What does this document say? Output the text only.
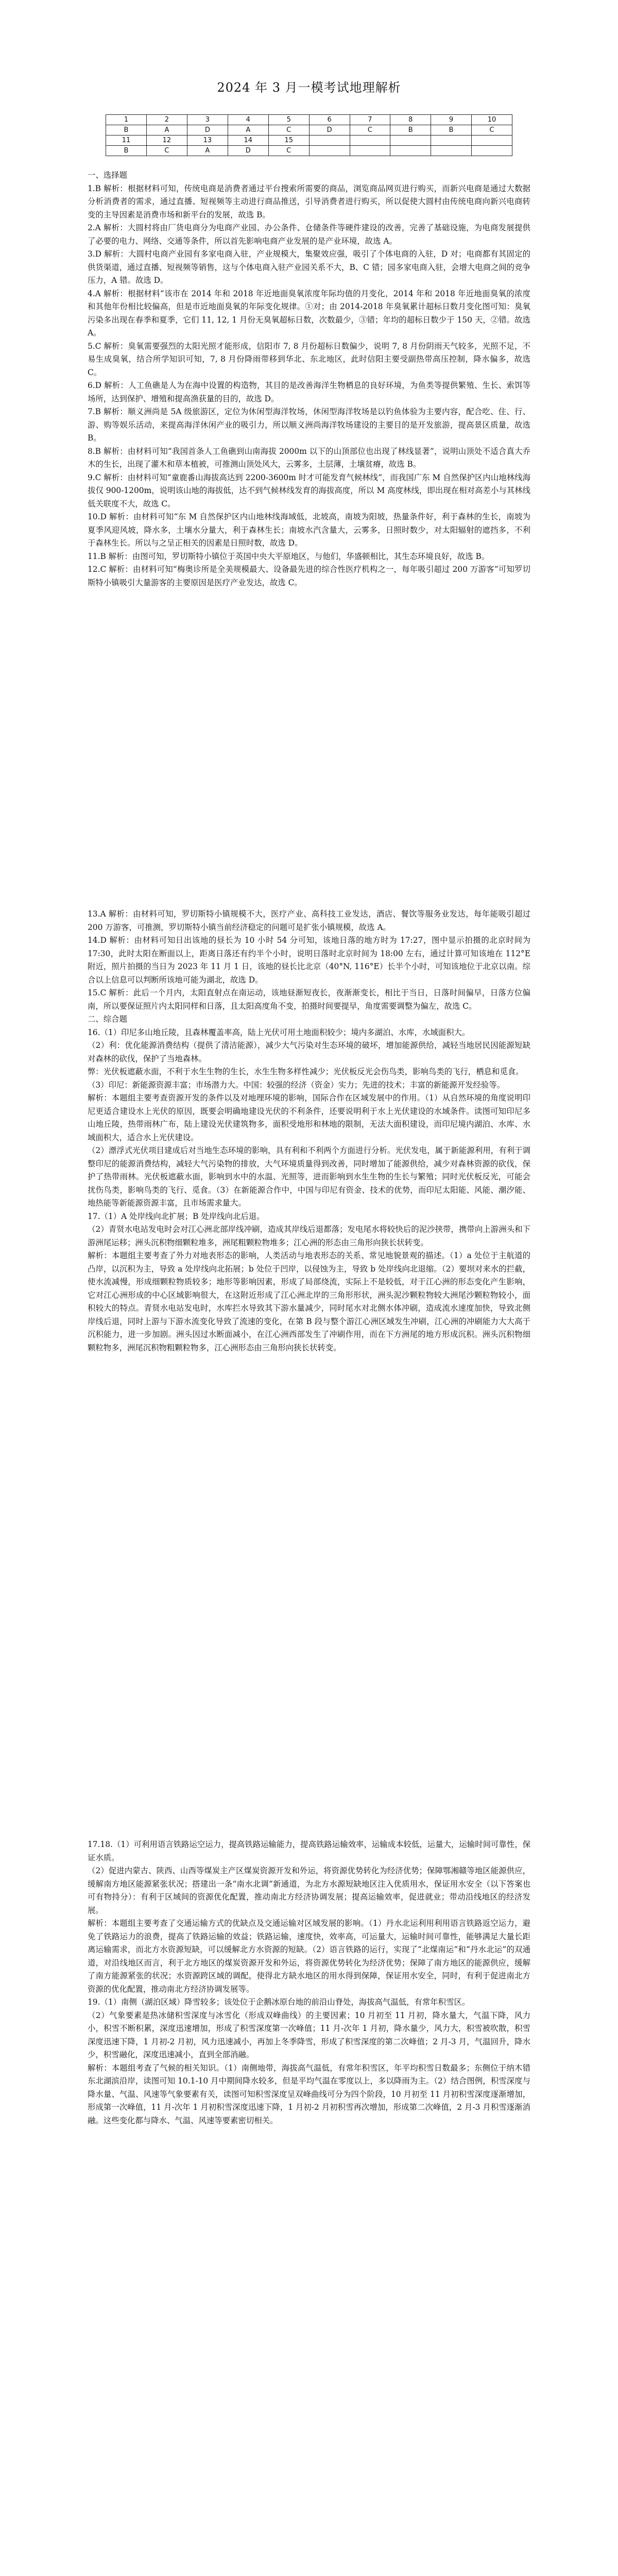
2024 年 3 月一模考试地理解析
1	2	3	4	5	6	7	8	9	10
B	A	D	A	C	D	C	B	B	C
11	12	13	14	15					
B	C	A	D	C					

一、选择题

1.B 解析：根据材料可知，传统电商是消费者通过平台搜索所需要的商品，浏览商品网页进行购买，而新兴电商是通过大数据分析消费者的需求，通过直播、短视频等主动进行商品推送，引导消费者进行购买，所以促使大圆村由传统电商向新兴电商转变的主导因素是消费市场和新平台的发展，故选 B。

2.A 解析：大圆村将由厂货电商分为电商产业园、办公条件、仓储条件等硬件建设的改善，完善了基础设施，为电商发展提供了必要的电力、网络、交通等条件，所以首先影响电商产业发展的是产业环境，故选 A。

3.D 解析：大圆村电商产业园有多家电商入驻，产业规模大，集聚效应强，吸引了个体电商的入驻，D 对；电商都有其固定的供货渠道，通过直播、短视频等销售，这与个体电商入驻产业园关系不大，B、C 错；园多家电商入驻，会增大电商之间的竞争压力，A 错。故选 D。

4.A 解析：根据材料“该市在 2014 年和 2018 年近地面臭氧浓度年际均值的月变化，2014 年和 2018 年近地面臭氧的浓度和其他年份相比较偏高，但是市近地面臭氧的年际变化规律。①对；由 2014-2018 年臭氧累计超标日数月变化图可知：臭氧污染多出现在春季和夏季，它们 11, 12, 1 月份无臭氧超标日数，次数最少，③错；年均的超标日数少于 150 天，②错。故选 A。

5.C 解析：臭氧需要强烈的太阳光照才能形成，信阳市 7, 8 月份超标日数偏少，说明 7, 8 月份阴雨天气较多，光照不足，不易生成臭氧，结合所学知识可知，7, 8 月份降雨带移到华北、东北地区，此时信阳主要受副热带高压控制，降水偏多，故选 C。

6.D 解析：人工鱼礁是人为在海中设置的构造物，其目的是改善海洋生物栖息的良好环境，为鱼类等提供繁殖、生长、索饵等场所，达到保护、增殖和提高渔获量的目的，故选 D。

7.B 解析：顺义洲尚是 5A 级旅游区，定位为休闲型海洋牧场，休闲型海洋牧场是以钓鱼体验为主要内容，配合吃、住、行、游、购等娱乐活动，来提高海洋休闲产业的吸引力，所以顺义洲尚海洋牧场建设的主要目的是开发旅游，提高景区质量，故选 B。

8.B 解析：由材料可知“我国首条人工鱼礁到山南海拔 2000m 以下的山顶部位也出现了林线显著”，说明山顶处不适合真大乔木的生长，出现了灌木和草本植被，可推测山顶处风大，云雾多，土层薄，土壤贫瘠，故选 B。

9.C 解析：由材料可知“童鹿番山海拔高达到 2200-3600m 时才可能发育气候林线”，而我国广东 M 自然保护区内山地林线海拔仅 900-1200m，说明该山地的海拔低，达不到气候林线发育的海拔高度，所以 M 高度林线，即出现在相对高差小与其林线低关联度不大，故选 C。

10.D 解析：由材料可知“东 M 自然保护区内山地林线海域低，北坡高，南坡为阳坡，热量条件好，利于森林的生长，南坡为夏季风迎风坡，降水多，土壤水分量大，利于森林生长；南坡水汽含量大，云雾多，日照时数少，对太阳辐射的遮挡多，不利于森林生长。所以与之呈正相关的因素是日照时数，故选 D。

11.B 解析：由图可知，罗切斯特小镇位于英国中央大平原地区，与他们，华盛顿相比，其生态环境良好，故选 B。

12.C 解析：由材料可知“梅奥诊所是全美规模最大、设备最先进的综合性医疗机构之一，每年吸引超过 200 万游客”可知罗切斯特小镇吸引大量游客的主要原因是医疗产业发达，故选 C。

13.A 解析：由材料可知，罗切斯特小镇规模不大，医疗产业、高科技工业发达，酒店、餐饮等服务业发达，每年能吸引超过 200 万游客，可推测，罗切斯特小镇当前经济稳定的问题可是扩张小镇规模，故选 A。

14.D 解析：由材料可知日出该地的昼长为 10 小时 54 分可知，该地日落的地方时为 17:27，图中显示拍摄的北京时间为 17:30，此时太阳在断面以上，距离日落还有约半个小时，说明日落时北京时间为 18:00 左右，通过计算可知该地在 112°E 附近，照片拍摄的当日为 2023 年 11 月 1 日，该地的昼长比北京（40°N, 116°E）长半个小时，可知该地位于北京以南。综合以上信息可以判断所该地可能为湖北，故选 D。

15.C 解析：此后一个月内，太阳直射点在南运动，该地昼渐短夜长，夜渐渐变长，相比于当日，日落时间偏早，日落方位偏南，所以要保证照片内太阳同样和日落，且太阳高度角不变，拍摄时间要提早，角度需要调整为偏左，故选 C。

二、综合题

16.（1）印尼多山地丘陵，且森林覆盖率高，陆上光伏可用土地面积较少；境内多湖泊、水库，水域面积大。

（2）利：优化能源消费结构（提供了清洁能源），减少大气污染对生态环境的破坏，增加能源供给，减轻当地居民因能源短缺对森林的砍伐，保护了当地森林。

弊：光伏板遮蔽水面，不利于水生生物的生长，水生生物多样性减少；光伏板反光会伤鸟类，影响鸟类的飞行，栖息和觅食。

（3）印尼：新能源资源丰富；市场潜力大。中国：较强的经济（资金）实力；先进的技术；丰富的新能源开发经验等。

解析：本题组主要考查资源开发的条件以及对地理环境的影响，国际合作在区域发展中的作用。（1）从自然环境的角度说明印尼更适合建设水上光伏的原因，既要会明确地建设光伏的不利条件，还要说明利于水上光伏建设的水域条件。读图可知印尼多山地丘陵，热带雨林广布，陆上建设光伏建筑物多，面积受地形和林地的限制，无法大面积建设，而印尼境内湖泊、水库、水域面积大，适合水上光伏建设。

（2）漂浮式光伏项目建成后对当地生态环境的影响，具有利和不利两个方面进行分析。光伏发电，属于新能源利用，有利于调整印尼的能源消费结构，减轻大气污染物的排放，大气环境质量得到改善，同时增加了能源供给，减少对森林资源的砍伐，保护了热带雨林。光伏板遮蔽水面，影响到水中的水温、光照等，进而影响到水生生物的生长与繁殖；同时光伏板反光，可能会扰伤鸟类，影响鸟类的飞行、觅食。（3）在新能源合作中，中国与印尼有资金、技术的优势，而印尼太阳能、风能、潮汐能、地热能等新能源资源丰富，且市场需求量大。

17.（1）A 处岸线向北扩展；B 处岸线向北后退。

（2）青贤水电站发电时会对江心洲北部岸线冲刷，造成其岸线后退都落；发电尾水将较快后的泥沙挟带，携带向上游洲头和下游洲尾运移；洲头沉积物细颗粒堆多，洲尾粗颗粒物堆多；江心洲的形态由三角形向狭长状转变。

解析：本题组主要考查了外力对地表形态的影响，人类活动与地表形态的关系、常见地貌景观的描述。（1）a 处位于主航道的凸岸，以沉积为主，导致 a 处岸线向北拓展；b 处位于凹岸，以侵蚀为主，导致 b 处岸线向北退缩。（2）要坝对来水的拦截，使水流减慢，形成细颗粒物质较多；地形等影响因素，形成了局部绕流，实际上不是较低，对于江心洲的形态变化产生影响，它对江心洲形成的中心区域影响很大，在这附近形成了江心洲北岸的三角形形状，洲头泥沙颗粒物较大洲尾沙颗粒物较小，面积较大的特点。青贤水电站发电时，水库拦水导致其下游水量减少，同时尾水对北侧水体冲刷，造成流水速度加快，导致北侧岸线后退，同时上游与下游水流变化导致了流速的变化，在第 B 段与整个游江心洲区域发生冲刷，江心洲的冲刷能力大大高于沉积能力，进一步加剧。洲头因过水断面减小，在江心洲西部发生了冲刷作用，而在下方洲尾的地方形成沉积。洲头沉积物细颗粒物多，洲尾沉积物粗颗粒物多，江心洲形态由三角形向狭长状转变。

17.18.（1）可利用语言铁路运空运力，提高铁路运输能力，提高铁路运输效率，运输成本较低，运量大，运输时间可靠性，保证水质。

（2）促进内蒙古、陕西、山西等煤炭主产区煤炭资源开发和外运，将资源优势转化为经济优势；保障鄂湘赣等地区能源供应，缓解南方地区能源紧张状况；搭建出一条“南水北调”新通道，为北方水源短缺地区注入优质用水，保证用水安全（以下答案也可有物持分）：有利于区域间的资源优化配置，推动南北方经济协调发展；提高运输效率，促进就业；带动沿线地区的经济发展。

解析：本题组主要考查了交通运输方式的优缺点及交通运输对区域发展的影响。（1）丹水北运利用利用语言铁路返空运力，避免了铁路运力的浪费，提高了铁路运输的效益；铁路运输，速度快，效率高，可运量大，运输时间可靠性，能够满足大量长距离运输需求，而北方水资源短缺，可以缓解北方水资源的短缺。（2）语言铁路的运行，实现了“北煤南运”和“丹水北运”的双通道，对沿线地区而言，利于北方地区的煤炭资源开发和外运，将资源优势转化为经济优势；保障了南方地区的能源供应，缓解了南方能源紧张的状况；水资源跨区域的调配，使得北方缺水地区的用水得到保障，保证用水安全，同时，有利于促进南北方资源的优化配置，推动南北方经济协调发展等。

19.（1）南侧（湖泊区域）降雪较多；该处位于企鹅冰原台地的前沿山脊处，海拔高气温低，有常年积雪区。

（2）气象要素是热冰储积雪深度与冰雪化（形成双峰曲线）的主要因素；10 月初至 11 月初，降水量大，气温下降，风力小，积雪不断积累，深度迅速增加，形成了积雪深度第一次峰值；11 月-次年 1 月初，降水量少，风力大，积雪被吹散，积雪深度迅速下降，1 月初-2 月初，风力迅速减小，再加上冬季降雪，形成了积雪深度的第二次峰值；2 月-3 月，气温回升，降水少，积雪融化，深度迅速减小，直到全部消融。

解析：本题组考查了气候的相关知识。（1）南侧地带，海拔高气温低，有常年积雪区，年平均积雪日数最多；东侧位于纳木错东北湖滨沿岸，读图可知 10.1-10 月中期间降水较多，但是平均气温在零度以上，多以降雨为主。（2）结合图例，积雪深度与降水量、气温、风速等气象要素有关，读图可知积雪深度呈双峰曲线可分为四个阶段，10 月初至 11 月初积雪深度逐渐增加，形成第一次峰值，11 月-次年 1 月初积雪深度迅速下降，1 月初-2 月初积雪再次增加，形成第二次峰值，2 月-3 月积雪逐渐消融。这些变化都与降水、气温、风速等要素密切相关。
